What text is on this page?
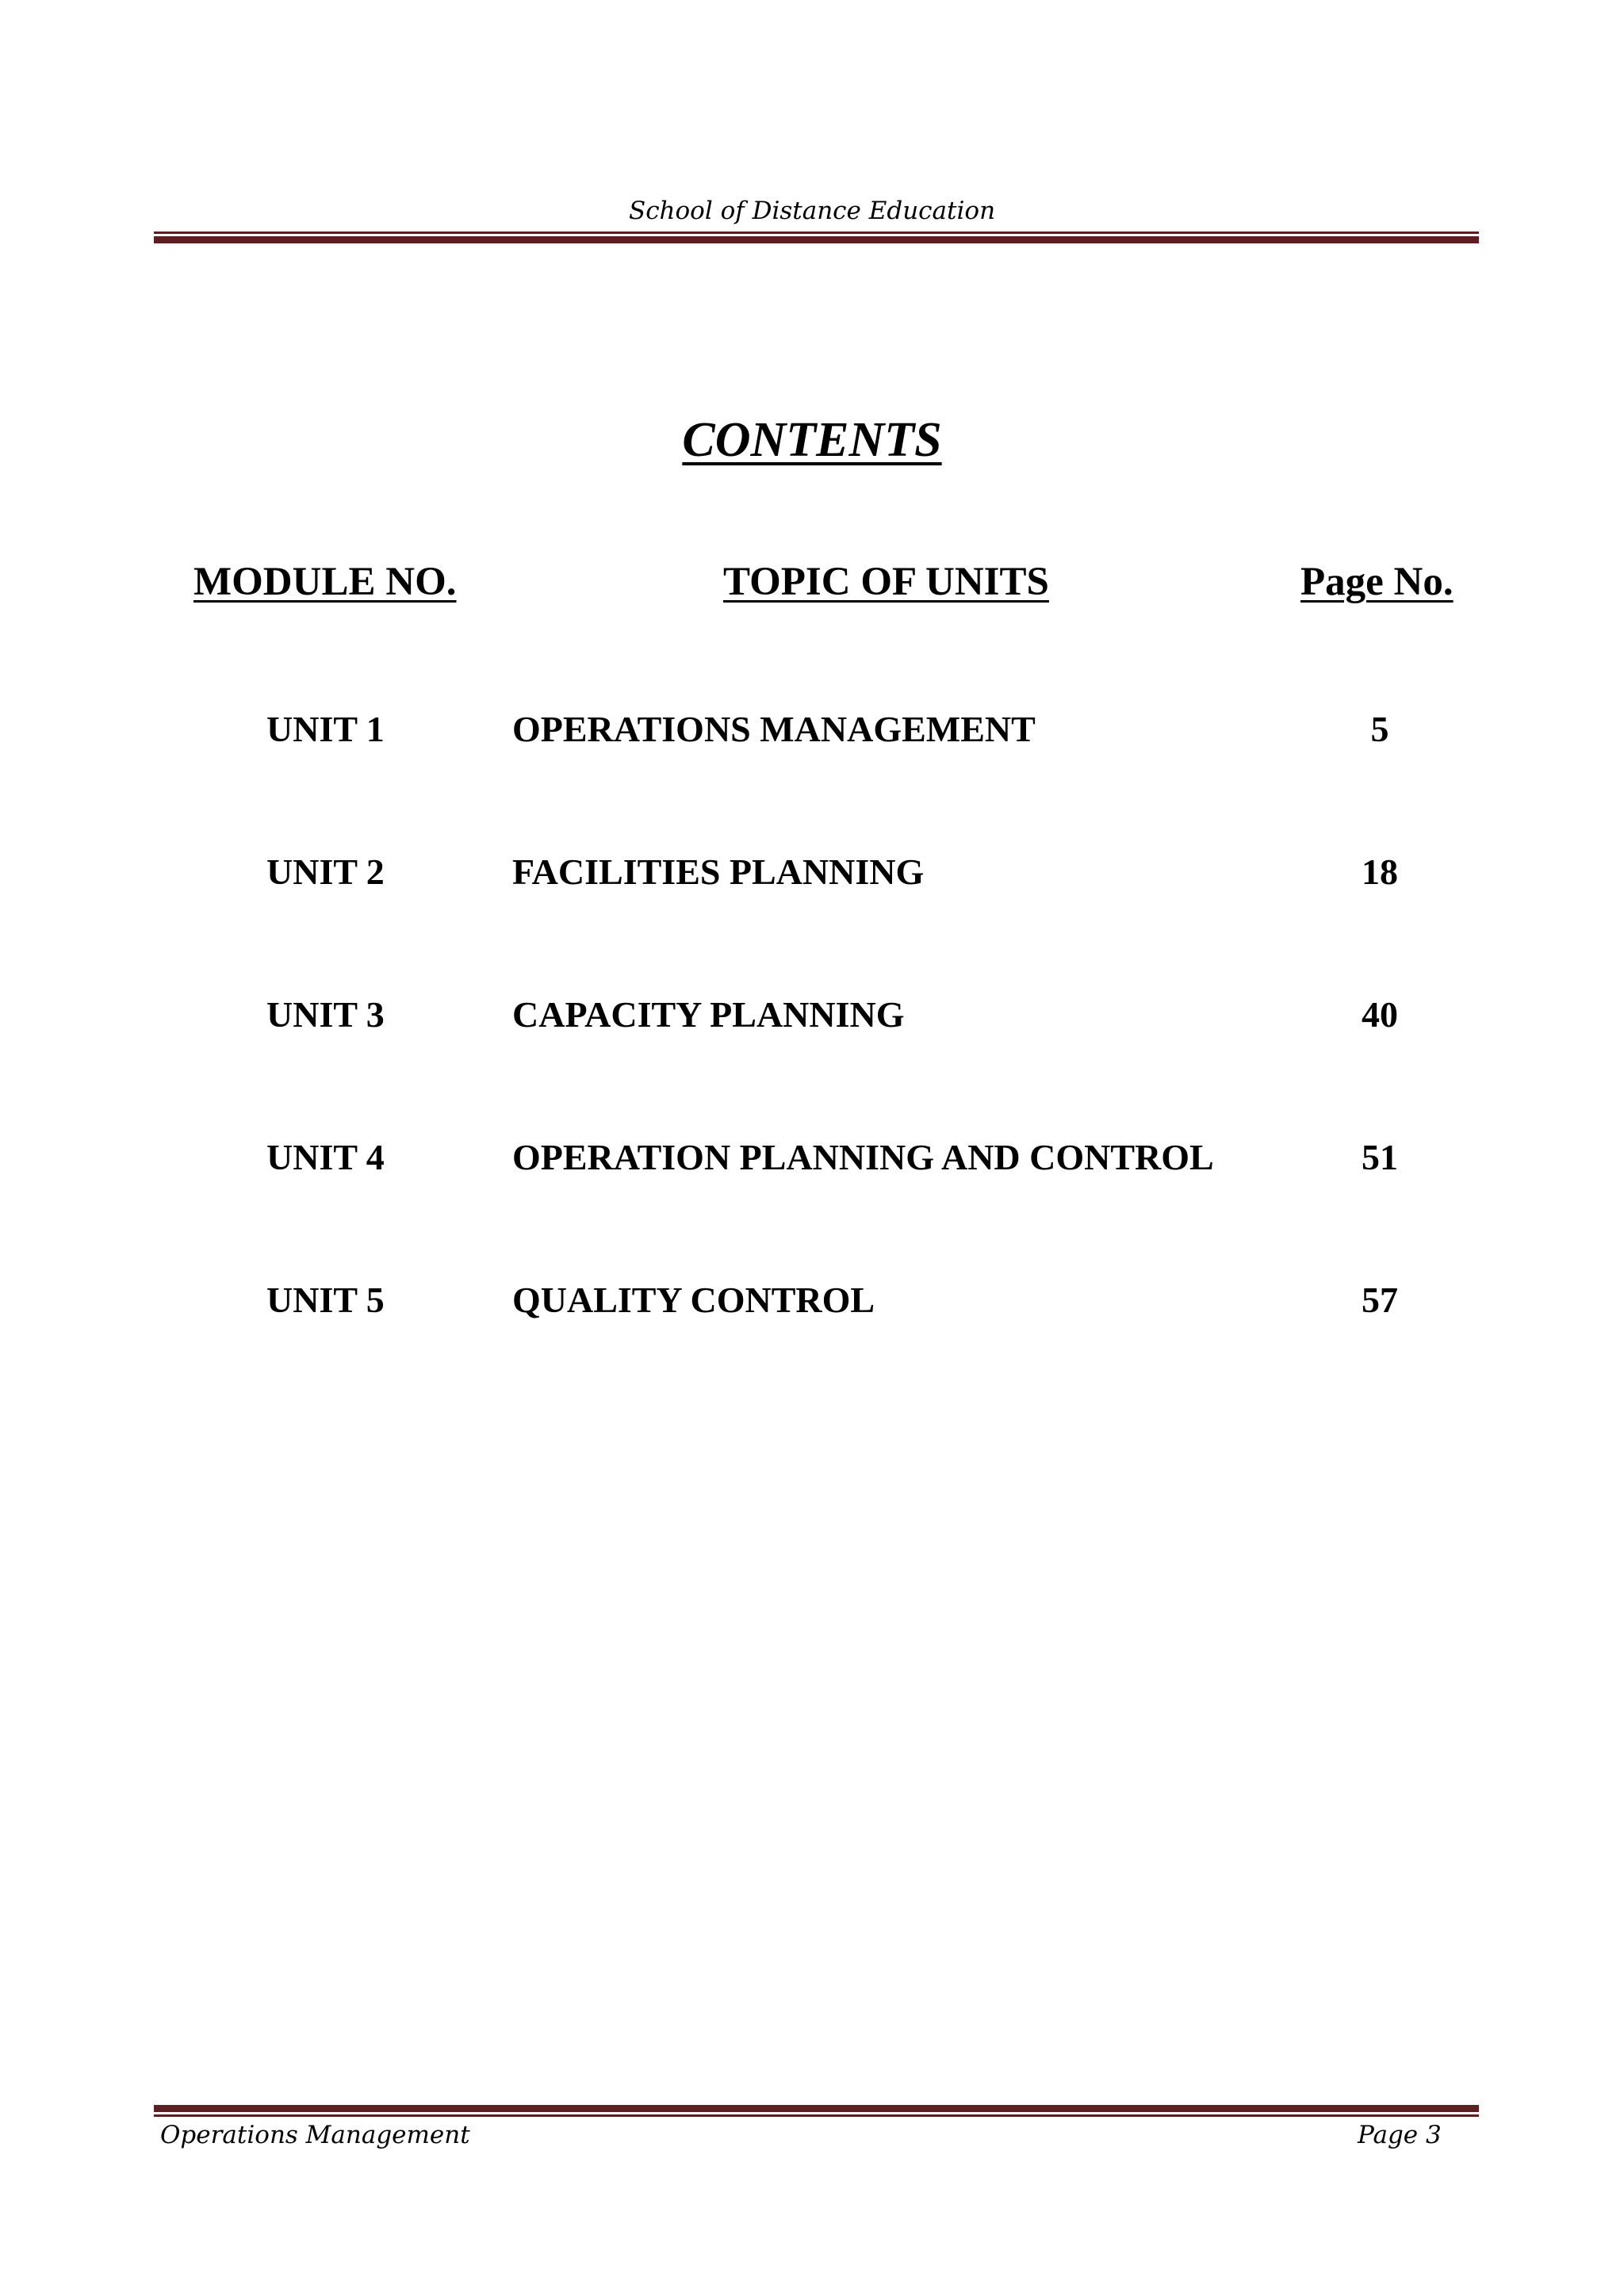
School of Distance Education
CONTENTS
MODULE NO.	TOPIC OF UNITS	Page No.
UNIT 1	OPERATIONS MANAGEMENT	5
UNIT 2	FACILITIES PLANNING	18
UNIT 3	CAPACITY PLANNING	40
UNIT 4	OPERATION PLANNING AND CONTROL	51
UNIT 5	QUALITY CONTROL	57
Operations Management	Page 3
